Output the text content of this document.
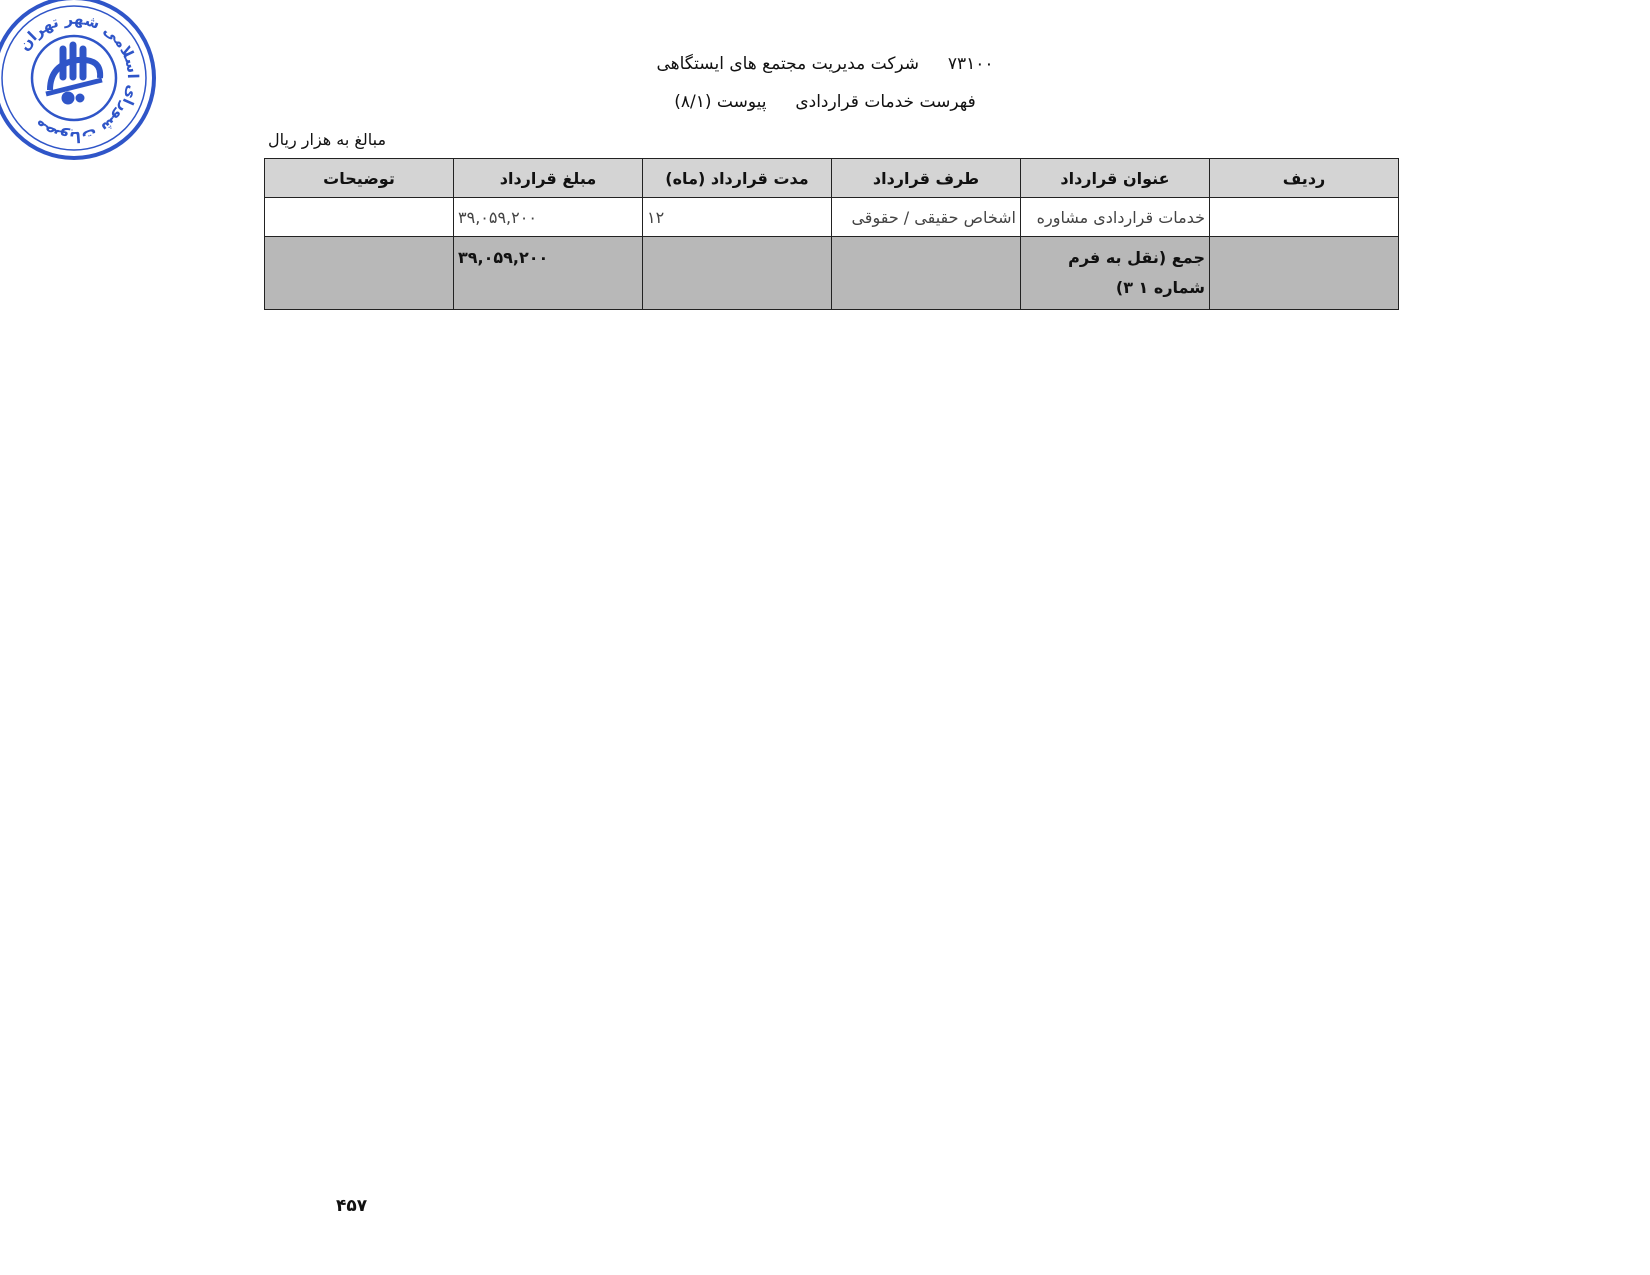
مصوبات شورای اسلامی شهر تهران
۷۳۱۰۰  شرکت مدیریت مجتمع های ایستگاهی
فهرست خدمات قراردادی  پیوست (۸/۱)
مبالغ به هزار ریال
ردیف	عنوان قرارداد	طرف قرارداد	مدت قرارداد (ماه)	مبلغ قرارداد	توضیحات
	خدمات قراردادی مشاوره	اشخاص حقیقی / حقوقی	۱۲	۳۹,۰۵۹,۲۰۰	
	جمع (نقل به فرم شماره ۱ ۳)			۳۹,۰۵۹,۲۰۰	
۴۵۷
